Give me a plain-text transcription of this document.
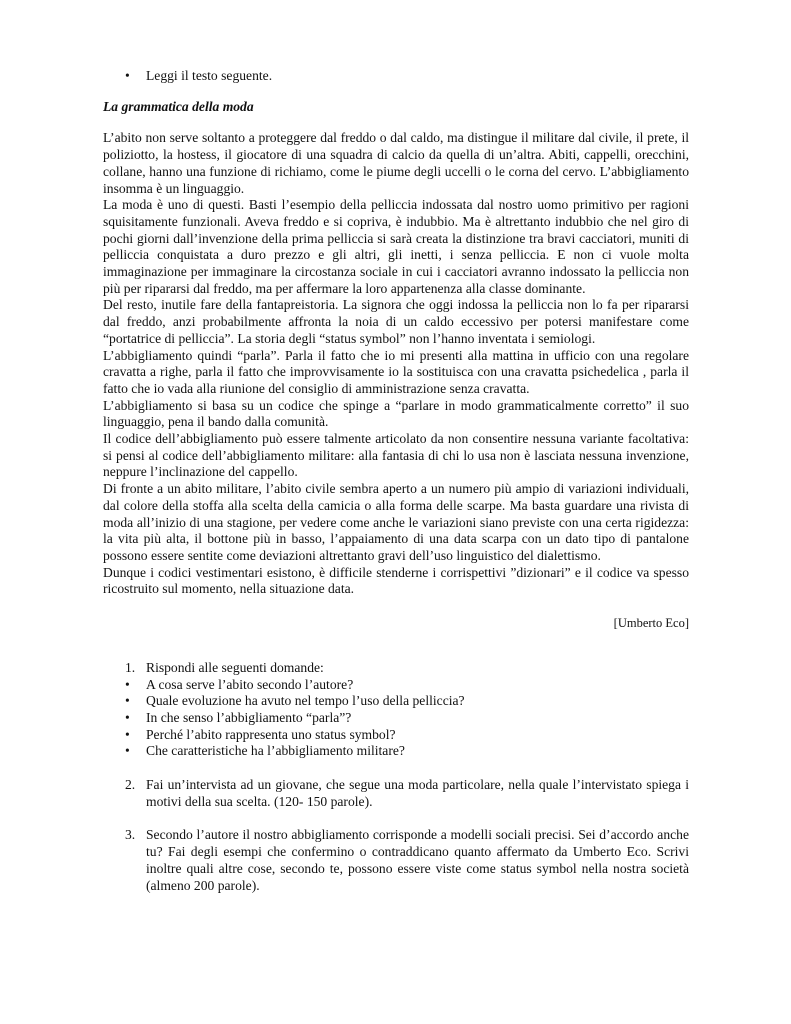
•	Leggi il testo seguente.
La grammatica della moda

L’abito non serve soltanto a proteggere dal freddo o dal caldo, ma distingue il militare dal civile, il prete, il poliziotto, la hostess, il giocatore di una squadra di calcio da quella di un’altra. Abiti, cappelli, orecchini, collane, hanno una funzione di richiamo, come le piume degli uccelli o le corna del cervo. L’abbigliamento insomma è un linguaggio.

La moda è uno di questi. Basti l’esempio della pelliccia indossata dal nostro uomo primitivo per ragioni squisitamente funzionali. Aveva freddo e si copriva, è indubbio. Ma è altrettanto indubbio che nel giro di pochi giorni dall’invenzione della prima pelliccia si sarà creata la distinzione tra bravi cacciatori, muniti di pelliccia conquistata a duro prezzo e gli altri, gli inetti, i senza pelliccia. E non ci vuole molta immaginazione per immaginare la circostanza sociale in cui i cacciatori avranno indossato la pelliccia non più per ripararsi dal freddo, ma per affermare la loro appartenenza alla classe dominante.

Del resto, inutile fare della fantapreistoria. La signora che oggi indossa la pelliccia non lo fa per ripararsi dal freddo, anzi probabilmente affronta la noia di un caldo eccessivo per potersi manifestare come “portatrice di pelliccia”. La storia degli “status symbol” non l’hanno inventata i semiologi.

L’abbigliamento quindi “parla”. Parla il fatto che io mi presenti alla mattina in ufficio con una regolare cravatta a righe, parla il fatto che improvvisamente io la sostituisca con una cravatta psichedelica , parla il fatto che io vada alla riunione del consiglio di amministrazione senza cravatta.

L’abbigliamento si basa su un codice che spinge a “parlare in modo grammaticalmente corretto” il suo linguaggio, pena il bando dalla comunità.

Il codice dell’abbigliamento può essere talmente articolato da non consentire nessuna variante facoltativa: si pensi al codice dell’abbigliamento militare: alla fantasia di chi lo usa non è lasciata nessuna invenzione, neppure l’inclinazione del cappello.

Di fronte a un abito militare, l’abito civile sembra aperto a un numero più ampio di variazioni individuali, dal colore della stoffa alla scelta della camicia o alla forma delle scarpe. Ma basta guardare una rivista di moda all’inizio di una stagione, per vedere come anche le variazioni siano previste con una certa rigidezza: la vita più alta, il bottone più in basso, l’appaiamento di una data scarpa con un dato tipo di pantalone possono essere sentite come deviazioni altrettanto gravi dell’uso linguistico del dialettismo.

Dunque i codici vestimentari esistono, è difficile stenderne i corrispettivi ”dizionari” e il codice va spesso ricostruito sul momento, nella situazione data.

[Umberto Eco]
1. Rispondi alle seguenti domande:
•	A cosa serve l’abito secondo l’autore?
•	Quale evoluzione ha avuto nel tempo l’uso della pelliccia?
•	In che senso l’abbigliamento “parla”?
•	Perché l’abito rappresenta uno status symbol?
•	Che caratteristiche ha l’abbigliamento militare?
2. Fai un’intervista ad un giovane, che segue una moda particolare, nella quale l’intervistato spiega i motivi della sua scelta. (120- 150 parole).
3. Secondo l’autore il nostro abbigliamento corrisponde a modelli sociali precisi. Sei d’accordo anche tu? Fai degli esempi che confermino o contraddicano quanto affermato da Umberto Eco. Scrivi inoltre quali altre cose, secondo te, possono essere viste come status symbol nella nostra società (almeno 200 parole).
